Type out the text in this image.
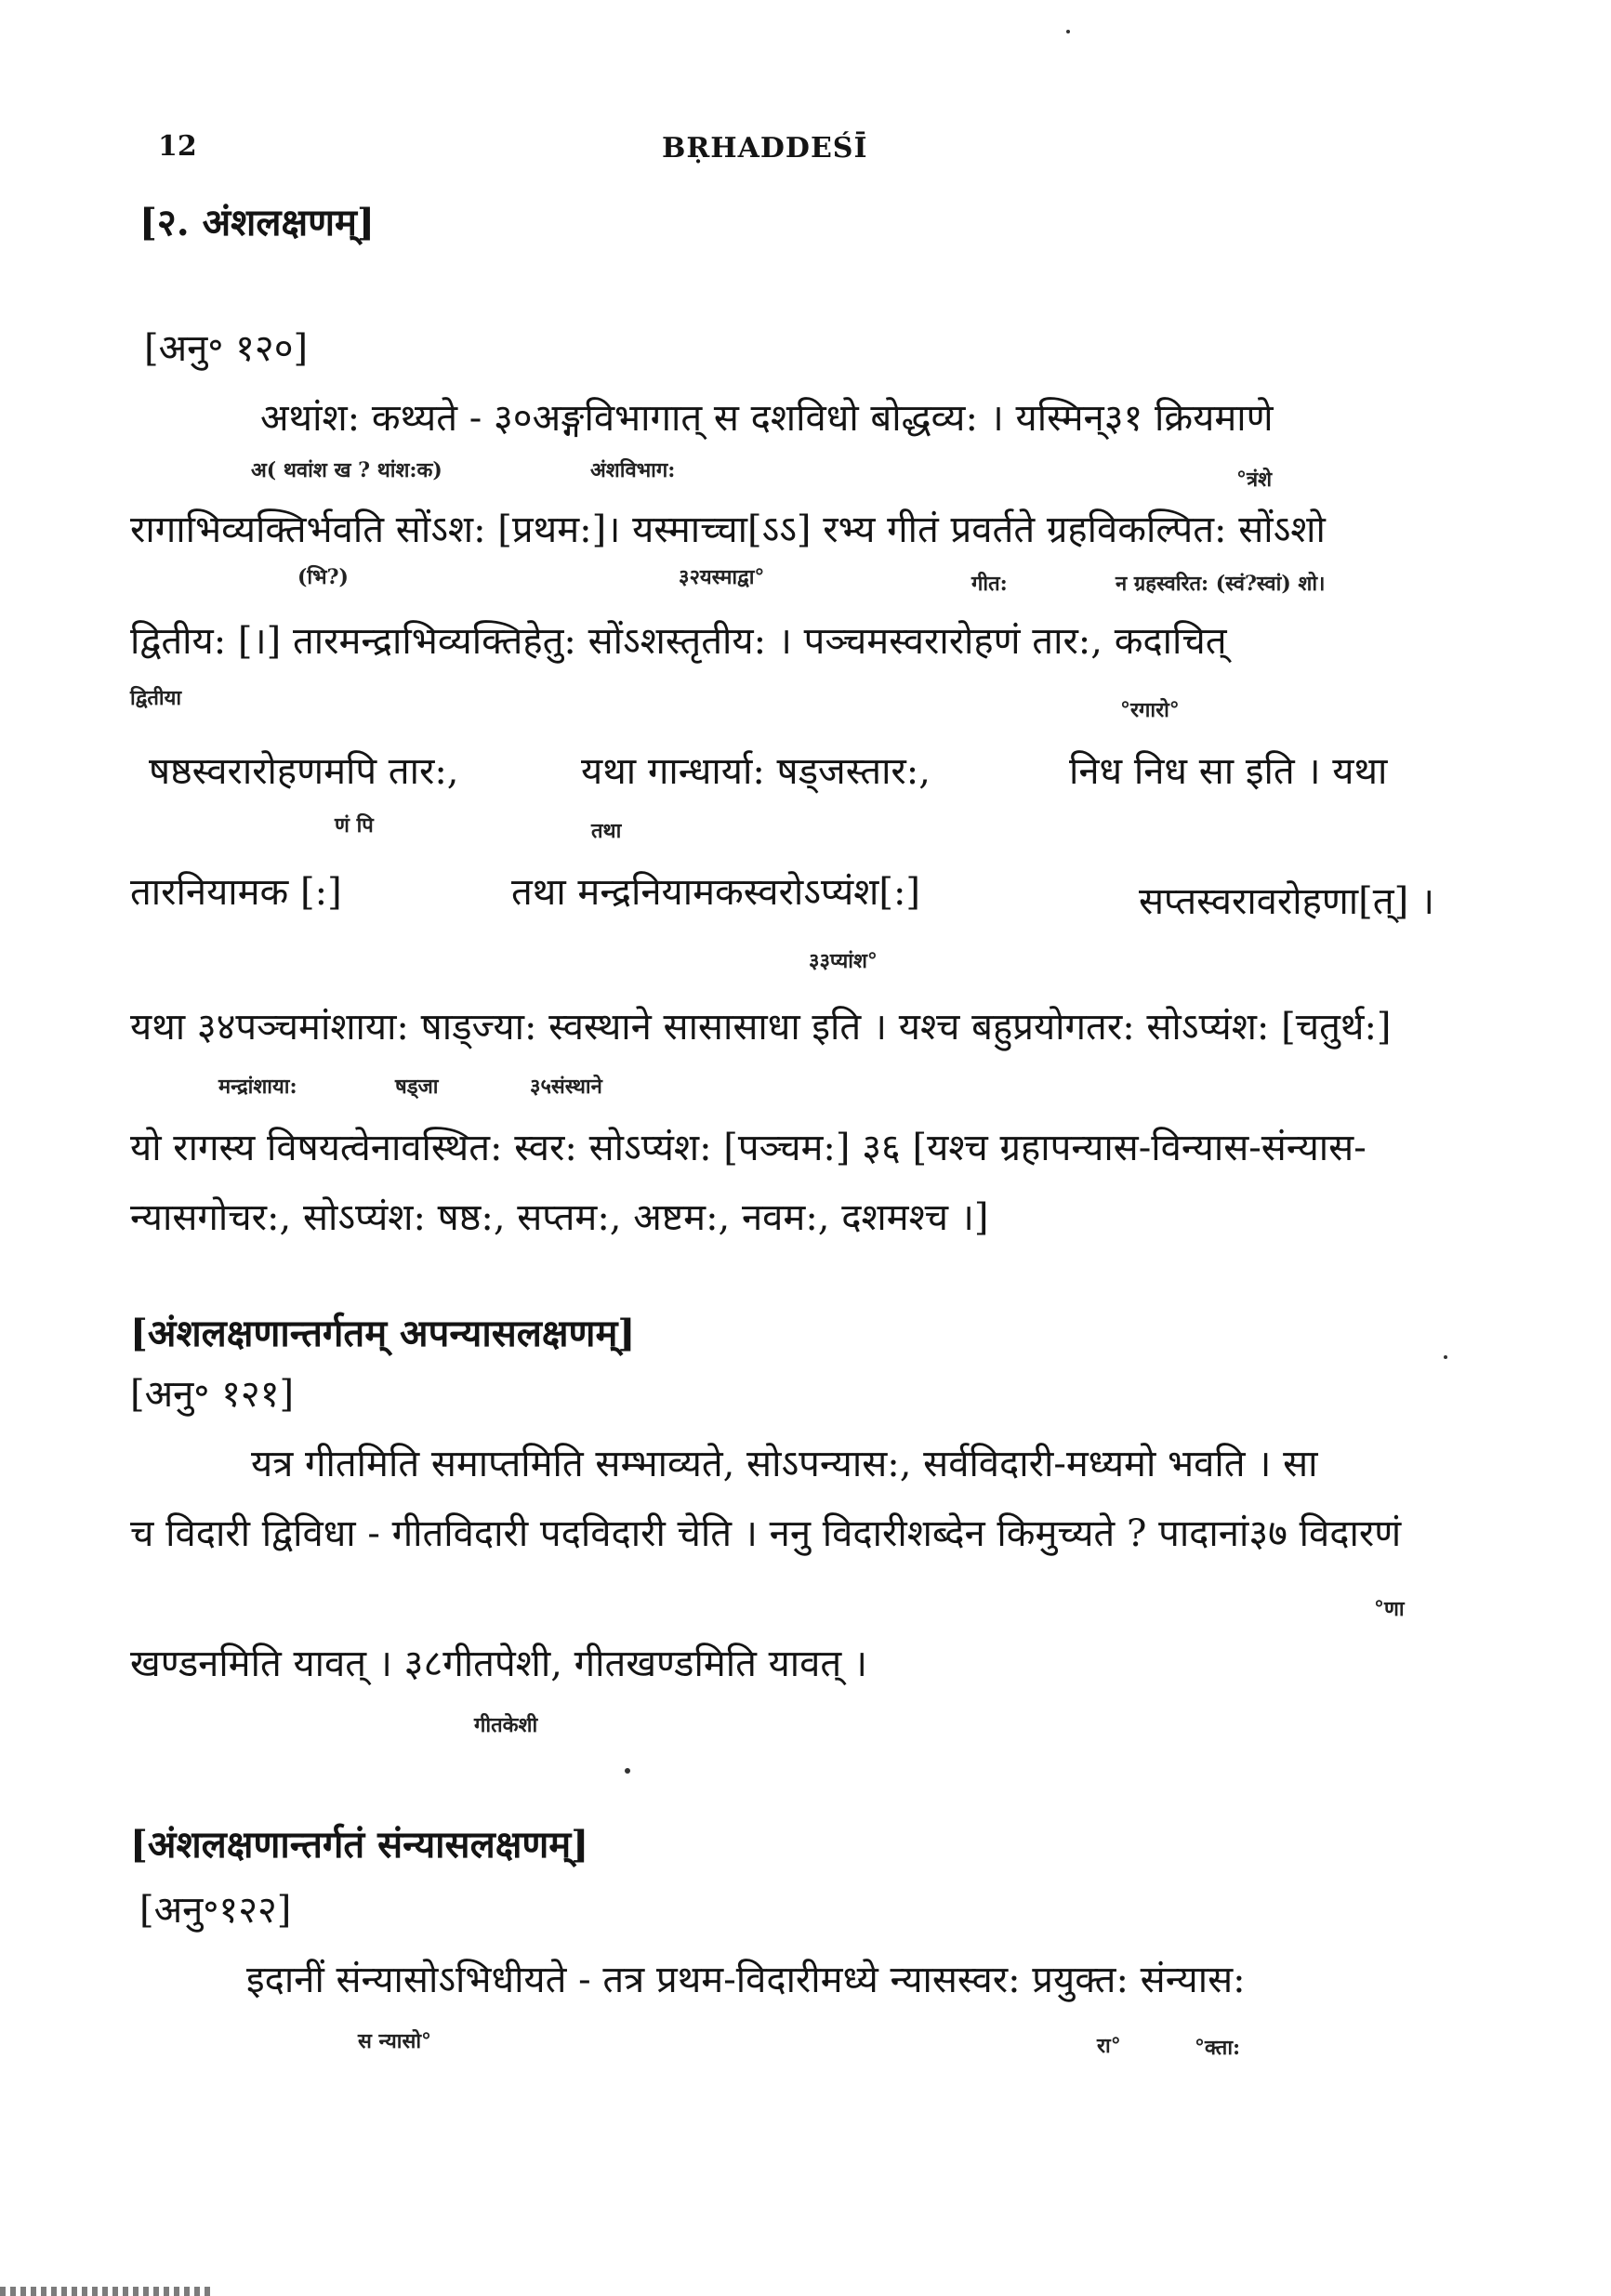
12	BṚHADDEŚĪ
[२. अंशलक्षणम्]
[अनु॰ १२०]
अथांश: कथ्यते - ३०अङ्गविभागात् स दशविधो बोद्धव्य: । यस्मिन्३१ क्रियमाणे
अ( थवांश ख ? थांश:क)	अंशविभाग:	°त्रंशे
रागाभिव्यक्तिर्भवति सोंऽश: [प्रथम:]। यस्माच्चा[ऽऽ] रभ्य गीतं प्रवर्तते ग्रहविकल्पित: सोंऽशो
(भि?)	३२यस्माद्वा°	गीत:	न ग्रहस्वरित: (स्वं?स्वां) शो।
द्वितीय: [।] तारमन्द्राभिव्यक्तिहेतु: सोंऽशस्तृतीय: । पञ्चमस्वरारोहणं तार:, कदाचित्
द्वितीया	°रगारो°
षष्ठस्वरारोहणमपि तार:,	यथा गान्धार्या: षड्जस्तार:,	निध निध सा इति । यथा
णं पि	तथा
तारनियामक [:]	तथा मन्द्रनियामकस्वरोऽप्यंश[:]	सप्तस्वरावरोहणा[त्] ।
३३प्यांश°
यथा ३४पञ्चमांशाया: षाड्ज्या: स्वस्थाने सासासाधा इति । यश्च बहुप्रयोगतर: सोऽप्यंश: [चतुर्थ:]
मन्द्रांशाया:	षड्जा	३५संस्थाने
यो रागस्य विषयत्वेनावस्थित: स्वर: सोऽप्यंश: [पञ्चम:] ३६ [यश्च ग्रहापन्यास-विन्यास-संन्यास-
न्यासगोचर:, सोऽप्यंश: षष्ठ:, सप्तम:, अष्टम:, नवम:, दशमश्च ।]
[अंशलक्षणान्तर्गतम् अपन्यासलक्षणम्]
[अनु॰ १२१]
यत्र गीतमिति समाप्तमिति सम्भाव्यते, सोऽपन्यास:, सर्वविदारी-मध्यमो भवति । सा
च विदारी द्विविधा - गीतविदारी पदविदारी चेति । ननु विदारीशब्देन किमुच्यते ? पादानां३७ विदारणं
°णा
खण्डनमिति यावत् । ३८गीतपेशी, गीतखण्डमिति यावत् ।
गीतकेशी
[अंशलक्षणान्तर्गतं संन्यासलक्षणम्]
[अनु॰१२२]
इदानीं संन्यासोऽभिधीयते - तत्र प्रथम-विदारीमध्ये न्यासस्वर: प्रयुक्त: संन्यास:
स न्यासो°	रा°	°क्ता:
